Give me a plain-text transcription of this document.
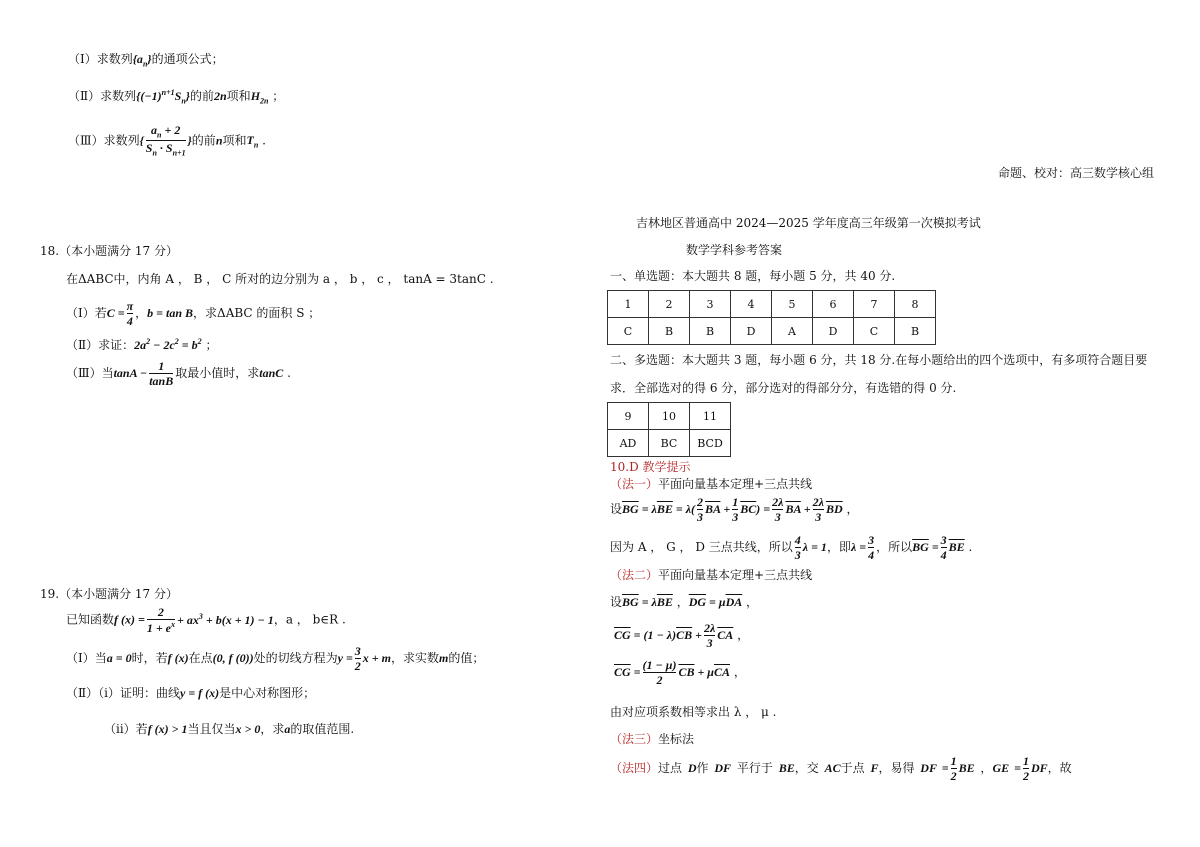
（Ⅰ）求数列$\{a_n\}$的通项公式；
（Ⅱ）求数列$\{(-1)^{n+1}S_n\}$的前2n项和$H_{2n}$ ；
（Ⅲ）求数列{ $\frac{a_n + 2}{S_n \cdot S_{n+1}}$ }的前n项和$T_n$ .
命题、校对：高三数学核心组
18.（本小题满分 17 分）
在ΔABC中，内角 A ， B ， C 所对的边分别为 a ， b ， c ， tanA = 3tanC .
（Ⅰ）若$C = \frac{\pi}{4}$ ，b = tan B，求ΔABC 的面积 S ；
（Ⅱ）求证：$2a^2 - 2c^2 = b^2$ ；
（Ⅲ）当$\tan A - \frac{1}{\tan B}$ 取最小值时，求tanC .
19.（本小题满分 17 分）
已知函数f $(x) = \frac{2}{1 + e^x} + ax^3 + b(x + 1) - 1$，a ， b∈R .
（Ⅰ）当a = 0时，若f (x)在点(0, f (0))处的切线方程为$y = \frac{3}{2}$ x + m，求实数m的值；
（Ⅱ）（ⅰ）证明：曲线y = f (x)是中心对称图形；
（ⅱ）若f (x) > 1当且仅当x > 0，求a的取值范围.
吉林地区普通高中 2024—2025 学年度高三年级第一次模拟考试
数学学科参考答案
一、单选题：本大题共 8 题，每小题 5 分，共 40 分.
1	2	3	4	5	6	7	8
C	B	B	D	A	D	C	B
二、多选题：本大题共 3 题，每小题 6 分，共 18 分.在每小题给出的四个选项中，有多项符合题目要
求．全部选对的得 6 分，部分选对的得部分分，有选错的得 0 分.
9	10	11
AD	BC	BCD
10.D 教学提示
（法一）平面向量基本定理+三点共线
设$\overline{BG} = \lambda\overline{BE} = \lambda( \frac{2}{3} \overline{BA} + \frac{1}{3} \overline{BC}) = \frac{2\lambda}{3} \overline{BA} + \frac{2\lambda}{3} \overline{BD}$ ，
因为 A ， G ， D 三点共线，所以 $\frac{4}{3}$ λ = 1，即$\lambda = \frac{3}{4}$ ，所以$\overline{BG} = \frac{3}{4} \overline{BE}$ .
（法二）平面向量基本定理+三点共线
设$\overline{BG} = \lambda\overline{BE}$ ，$\overline{DG} = \mu\overline{DA}$ ，
$\overline{CG} = (1 - \lambda)\overline{CB} + \frac{2\lambda}{3} \overline{CA}$ ，
$\overline{CG} = \frac{(1 - \mu)}{2} \overline{CB} + \mu\overline{CA}$ ，
由对应项系数相等求出 λ ， μ .
（法三）坐标法
（法四）过点 D作 DF 平行于 BE，交 AC于点 F，易得 DF = $\frac{1}{2}$ BE ，GE = $\frac{1}{2}$ DF，故
